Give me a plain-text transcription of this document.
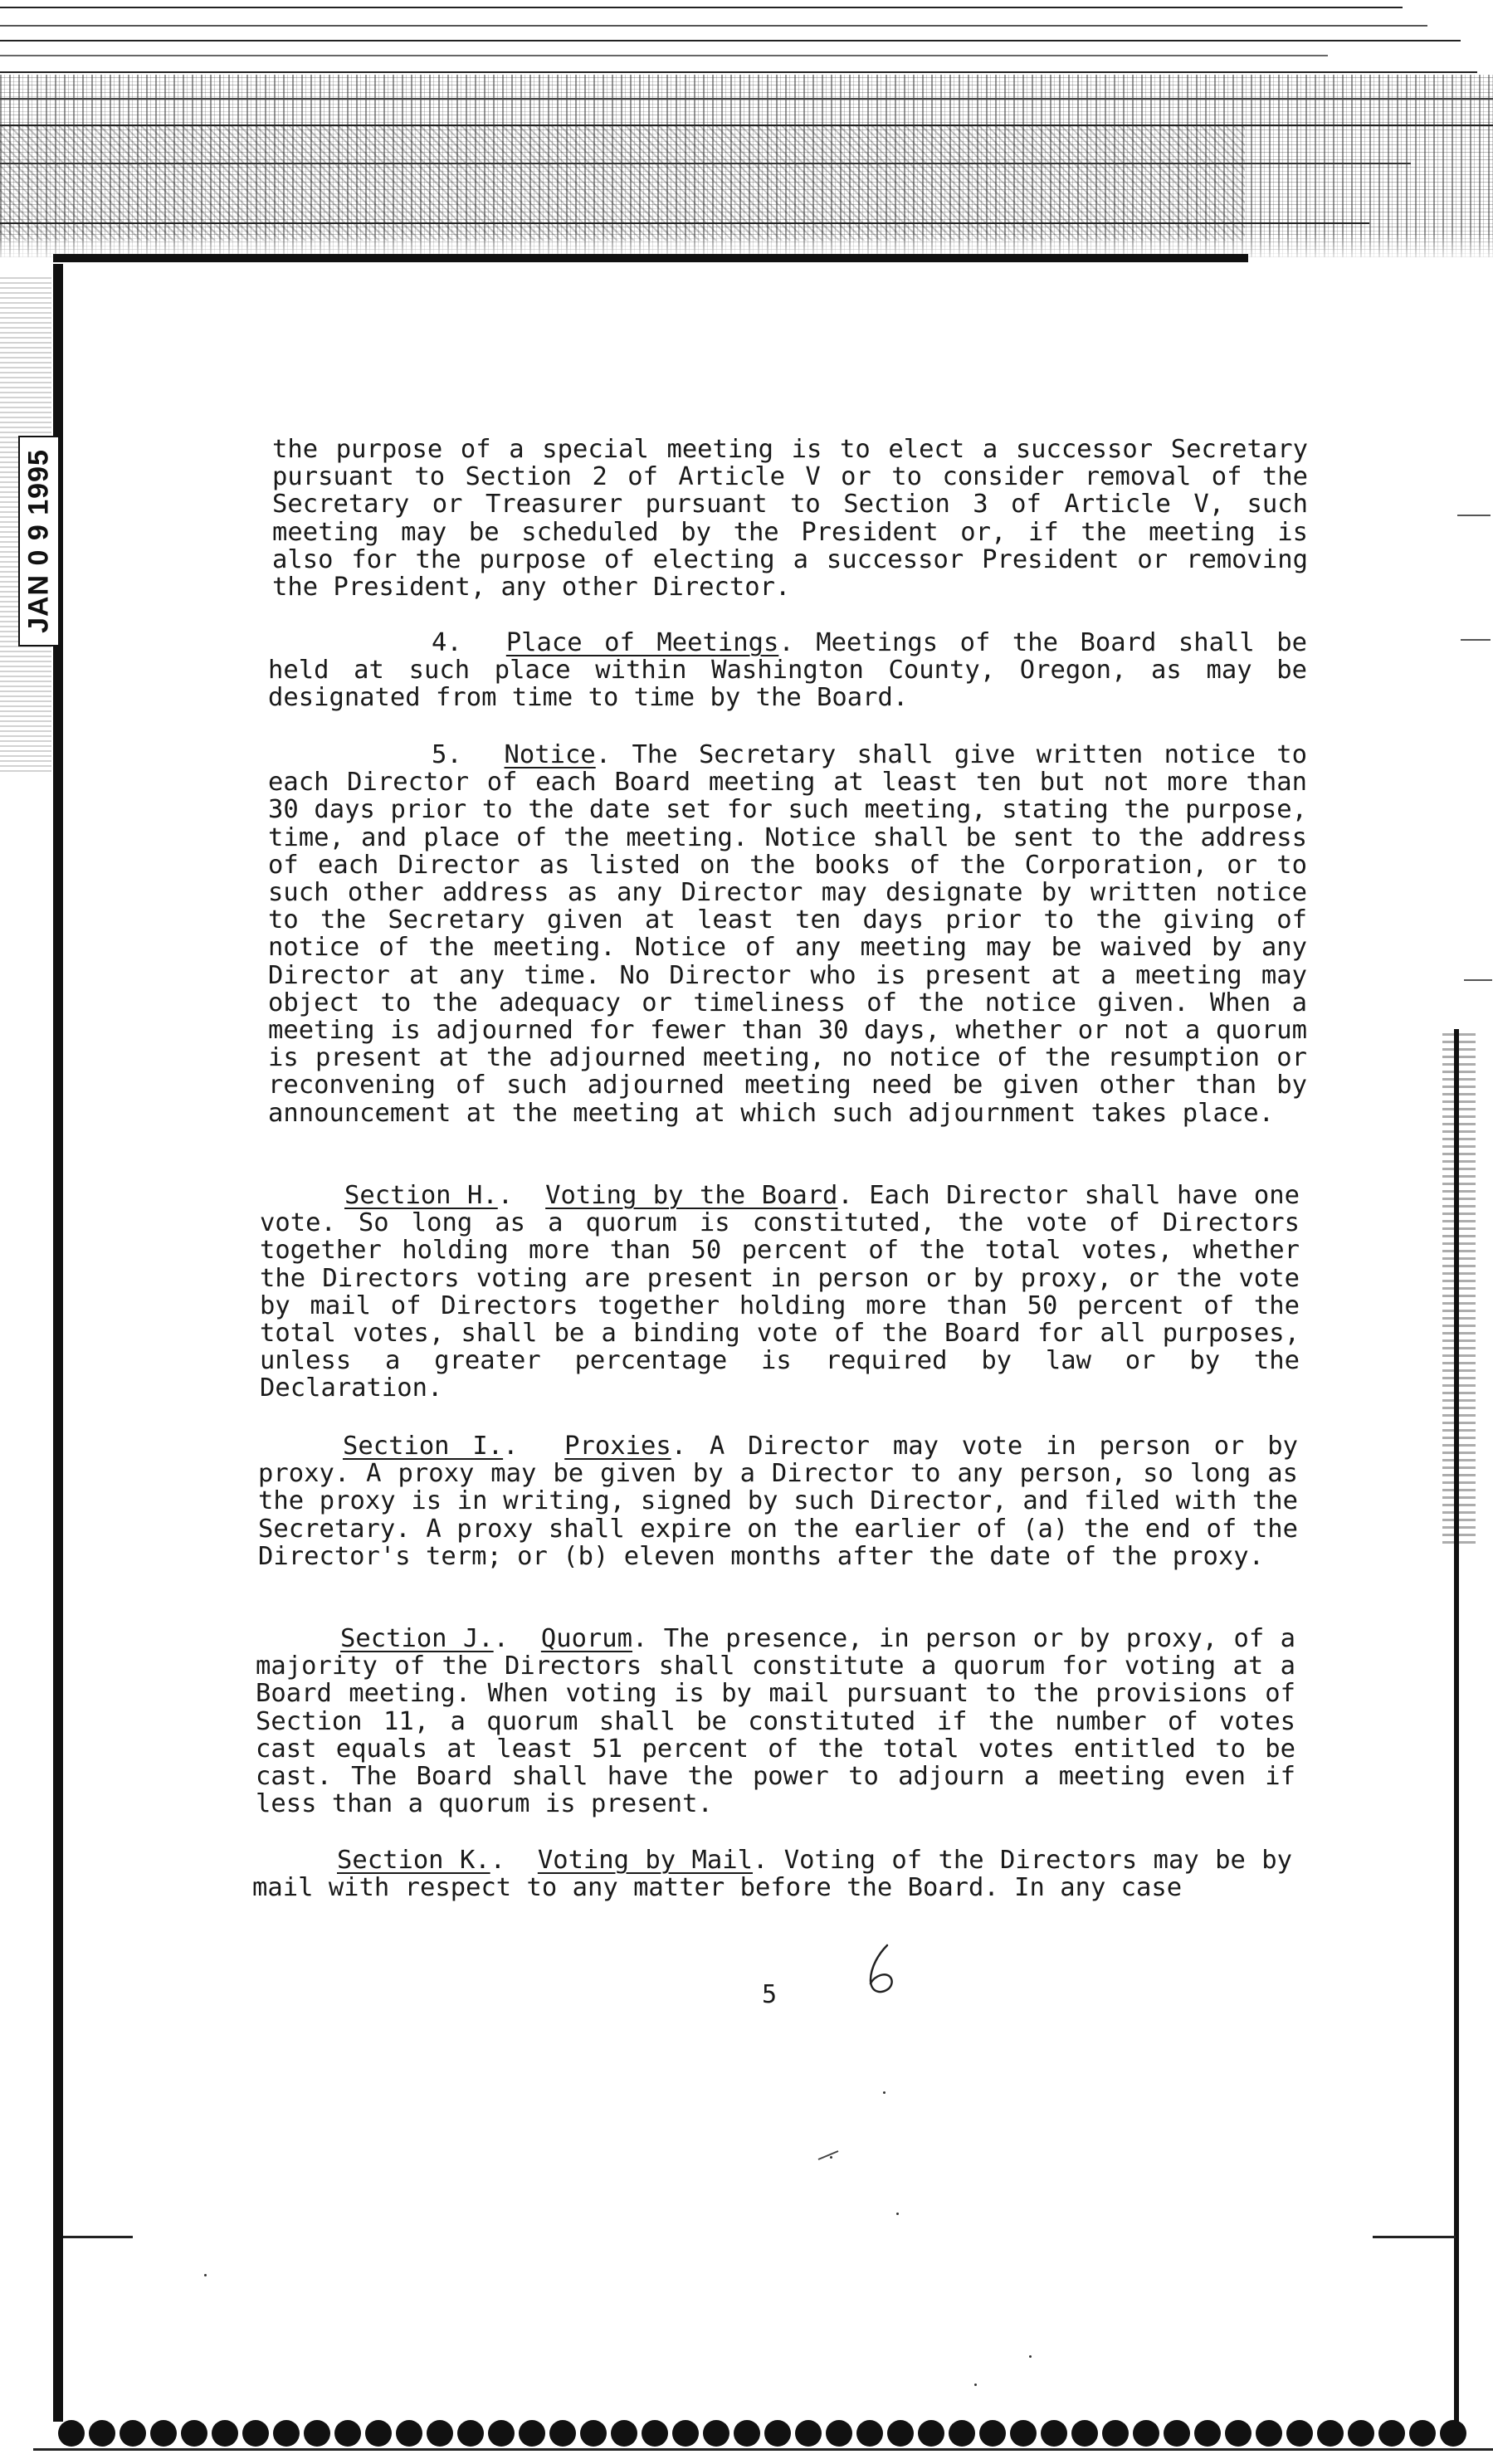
JAN 0 9 1995	the purpose of a special meeting is to elect a successor Secretary pursuant to Section 2 of Article V or to consider removal of the Secretary or Treasurer pursuant to Section 3 of Article V, such meeting may be scheduled by the President or, if the meeting is also for the purpose of electing a successor President or removing the President, any other Director.

4. Place of Meetings. Meetings of the Board shall be held at such place within Washington County, Oregon, as may be designated from time to time by the Board.

5. Notice. The Secretary shall give written notice to each Director of each Board meeting at least ten but not more than 30 days prior to the date set for such meeting, stating the purpose, time, and place of the meeting. Notice shall be sent to the address of each Director as listed on the books of the Corporation, or to such other address as any Director may designate by written notice to the Secretary given at least ten days prior to the giving of notice of the meeting. Notice of any meeting may be waived by any Director at any time. No Director who is present at a meeting may object to the adequacy or timeliness of the notice given. When a meeting is adjourned for fewer than 30 days, whether or not a quorum is present at the adjourned meeting, no notice of the resumption or reconvening of such adjourned meeting need be given other than by announcement at the meeting at which such adjournment takes place.

Section H..  Voting by the Board. Each Director shall have one vote. So long as a quorum is constituted, the vote of Directors together holding more than 50 percent of the total votes, whether the Directors voting are present in person or by proxy, or the vote by mail of Directors together holding more than 50 percent of the total votes, shall be a binding vote of the Board for all purposes, unless a greater percentage is required by law or by the Declaration.

Section I..  Proxies. A Director may vote in person or by proxy. A proxy may be given by a Director to any person, so long as the proxy is in writing, signed by such Director, and filed with the Secretary. A proxy shall expire on the earlier of (a) the end of the Director's term; or (b) eleven months after the date of the proxy.

Section J..  Quorum. The presence, in person or by proxy, of a majority of the Directors shall constitute a quorum for voting at a Board meeting. When voting is by mail pursuant to the provisions of Section 11, a quorum shall be constituted if the number of votes cast equals at least 51 percent of the total votes entitled to be cast. The Board shall have the power to adjourn a meeting even if less than a quorum is present.

Section K..  Voting by Mail. Voting of the Directors may be by mail with respect to any matter before the Board. In any case

5
